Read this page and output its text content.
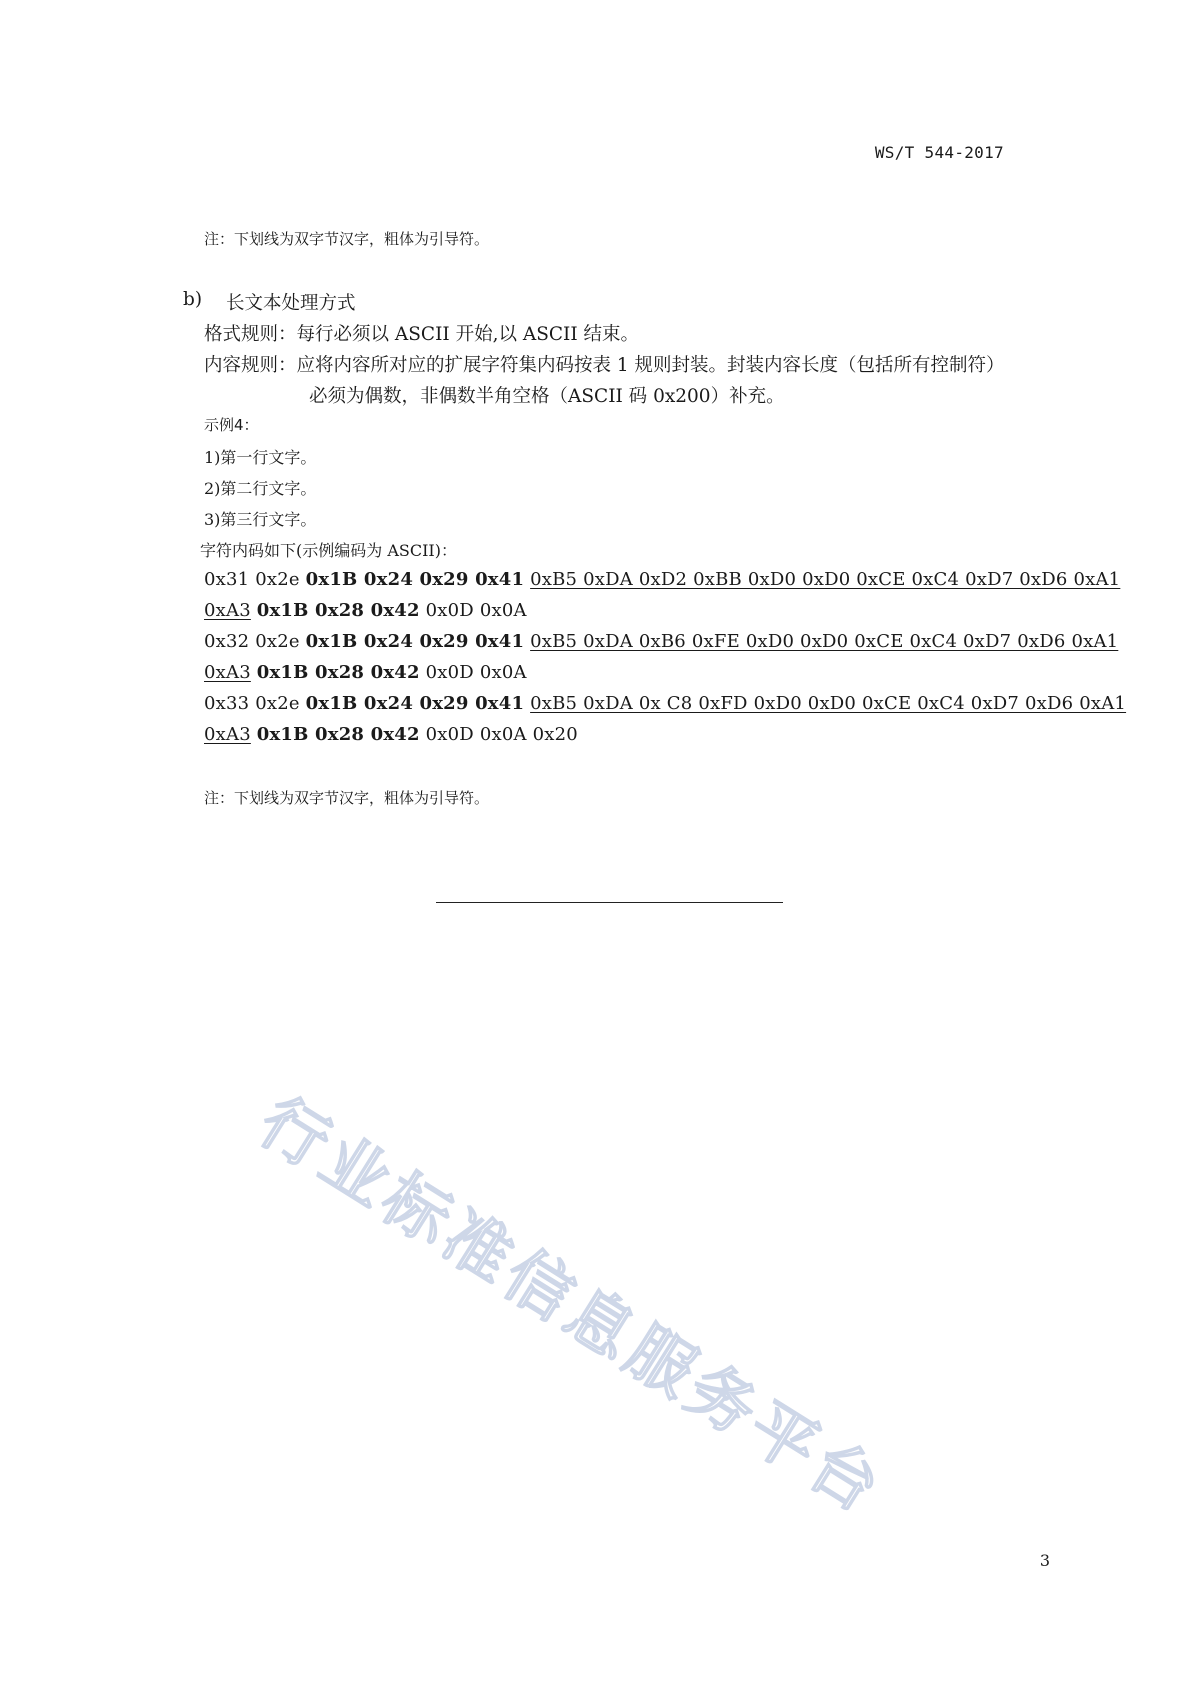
WS/T 544-2017
注：下划线为双字节汉字，粗体为引导符。
b) 长文本处理方式
格式规则：每行必须以 ASCII 开始,以 ASCII 结束。
内容规则：应将内容所对应的扩展字符集内码按表 1 规则封装。封装内容长度（包括所有控制符）
必须为偶数，非偶数半角空格（ASCII 码 0x200）补充。
示例4：
1)第一行文字。
2)第二行文字。
3)第三行文字。
字符内码如下(示例编码为 ASCII)：
0x31 0x2e 0x1B 0x24 0x29 0x41 0xB5 0xDA 0xD2 0xBB 0xD0 0xD0 0xCE 0xC4 0xD7 0xD6 0xA1
0xA3 0x1B 0x28 0x42 0x0D 0x0A
0x32 0x2e 0x1B 0x24 0x29 0x41 0xB5 0xDA 0xB6 0xFE 0xD0 0xD0 0xCE 0xC4 0xD7 0xD6 0xA1
0xA3 0x1B 0x28 0x42 0x0D 0x0A
0x33 0x2e 0x1B 0x24 0x29 0x41 0xB5 0xDA 0x C8 0xFD 0xD0 0xD0 0xCE 0xC4 0xD7 0xD6 0xA1
0xA3 0x1B 0x28 0x42 0x0D 0x0A 0x20
注：下划线为双字节汉字，粗体为引导符。
行业标准信息服务平台
3
